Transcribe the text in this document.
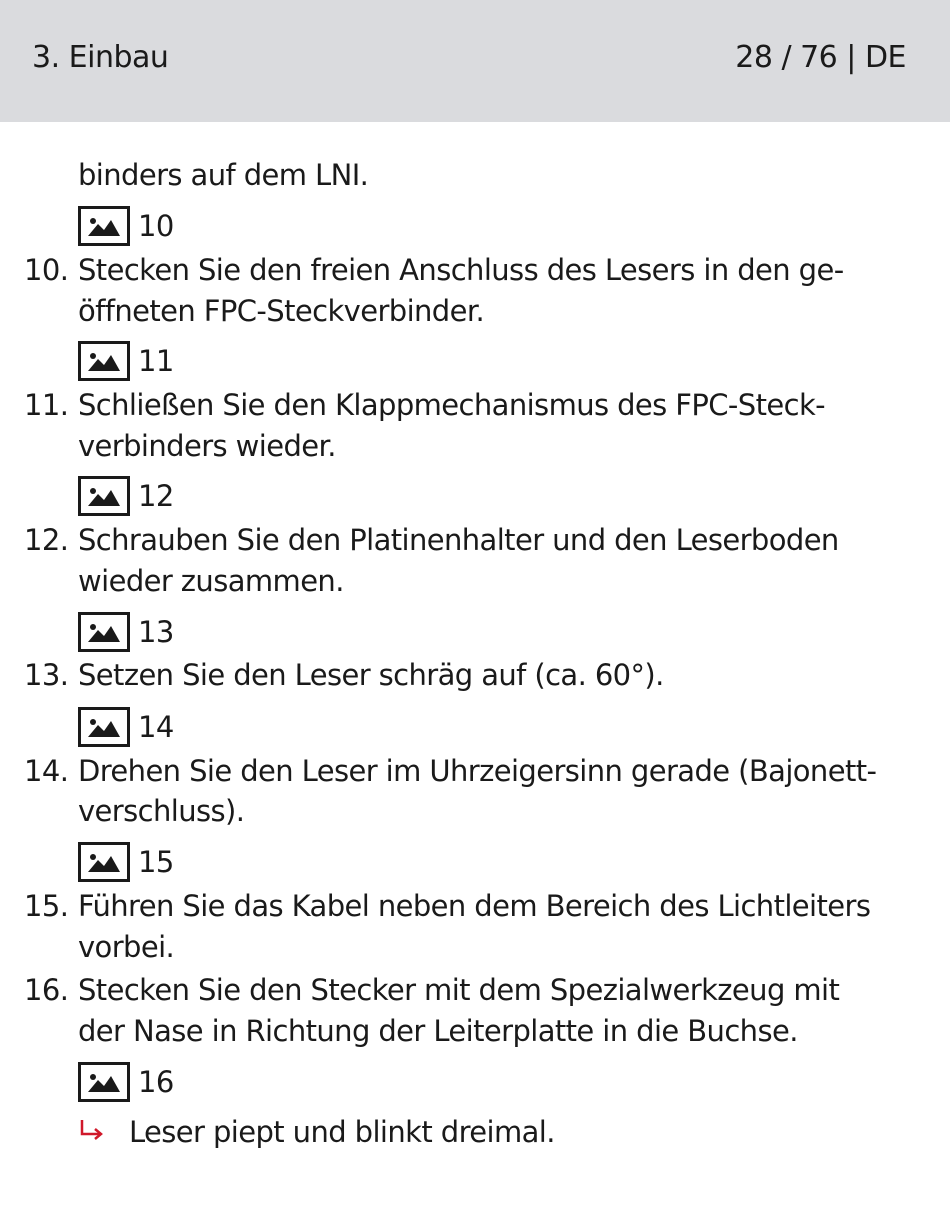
3. Einbau	28 / 76 | DE
binders auf dem LNI.
10
10. Stecken Sie den freien Anschluss des Lesers in den ge-
öffneten FPC-Steckverbinder.
11
11. Schließen Sie den Klappmechanismus des FPC-Steck-
verbinders wieder.
12
12. Schrauben Sie den Platinenhalter und den Leserboden
wieder zusammen.
13
13. Setzen Sie den Leser schräg auf (ca. 60°).
14
14. Drehen Sie den Leser im Uhrzeigersinn gerade (Bajonett-
verschluss).
15
15. Führen Sie das Kabel neben dem Bereich des Lichtleiters
vorbei.
16. Stecken Sie den Stecker mit dem Spezialwerkzeug mit
der Nase in Richtung der Leiterplatte in die Buchse.
16
Leser piept und blinkt dreimal.
